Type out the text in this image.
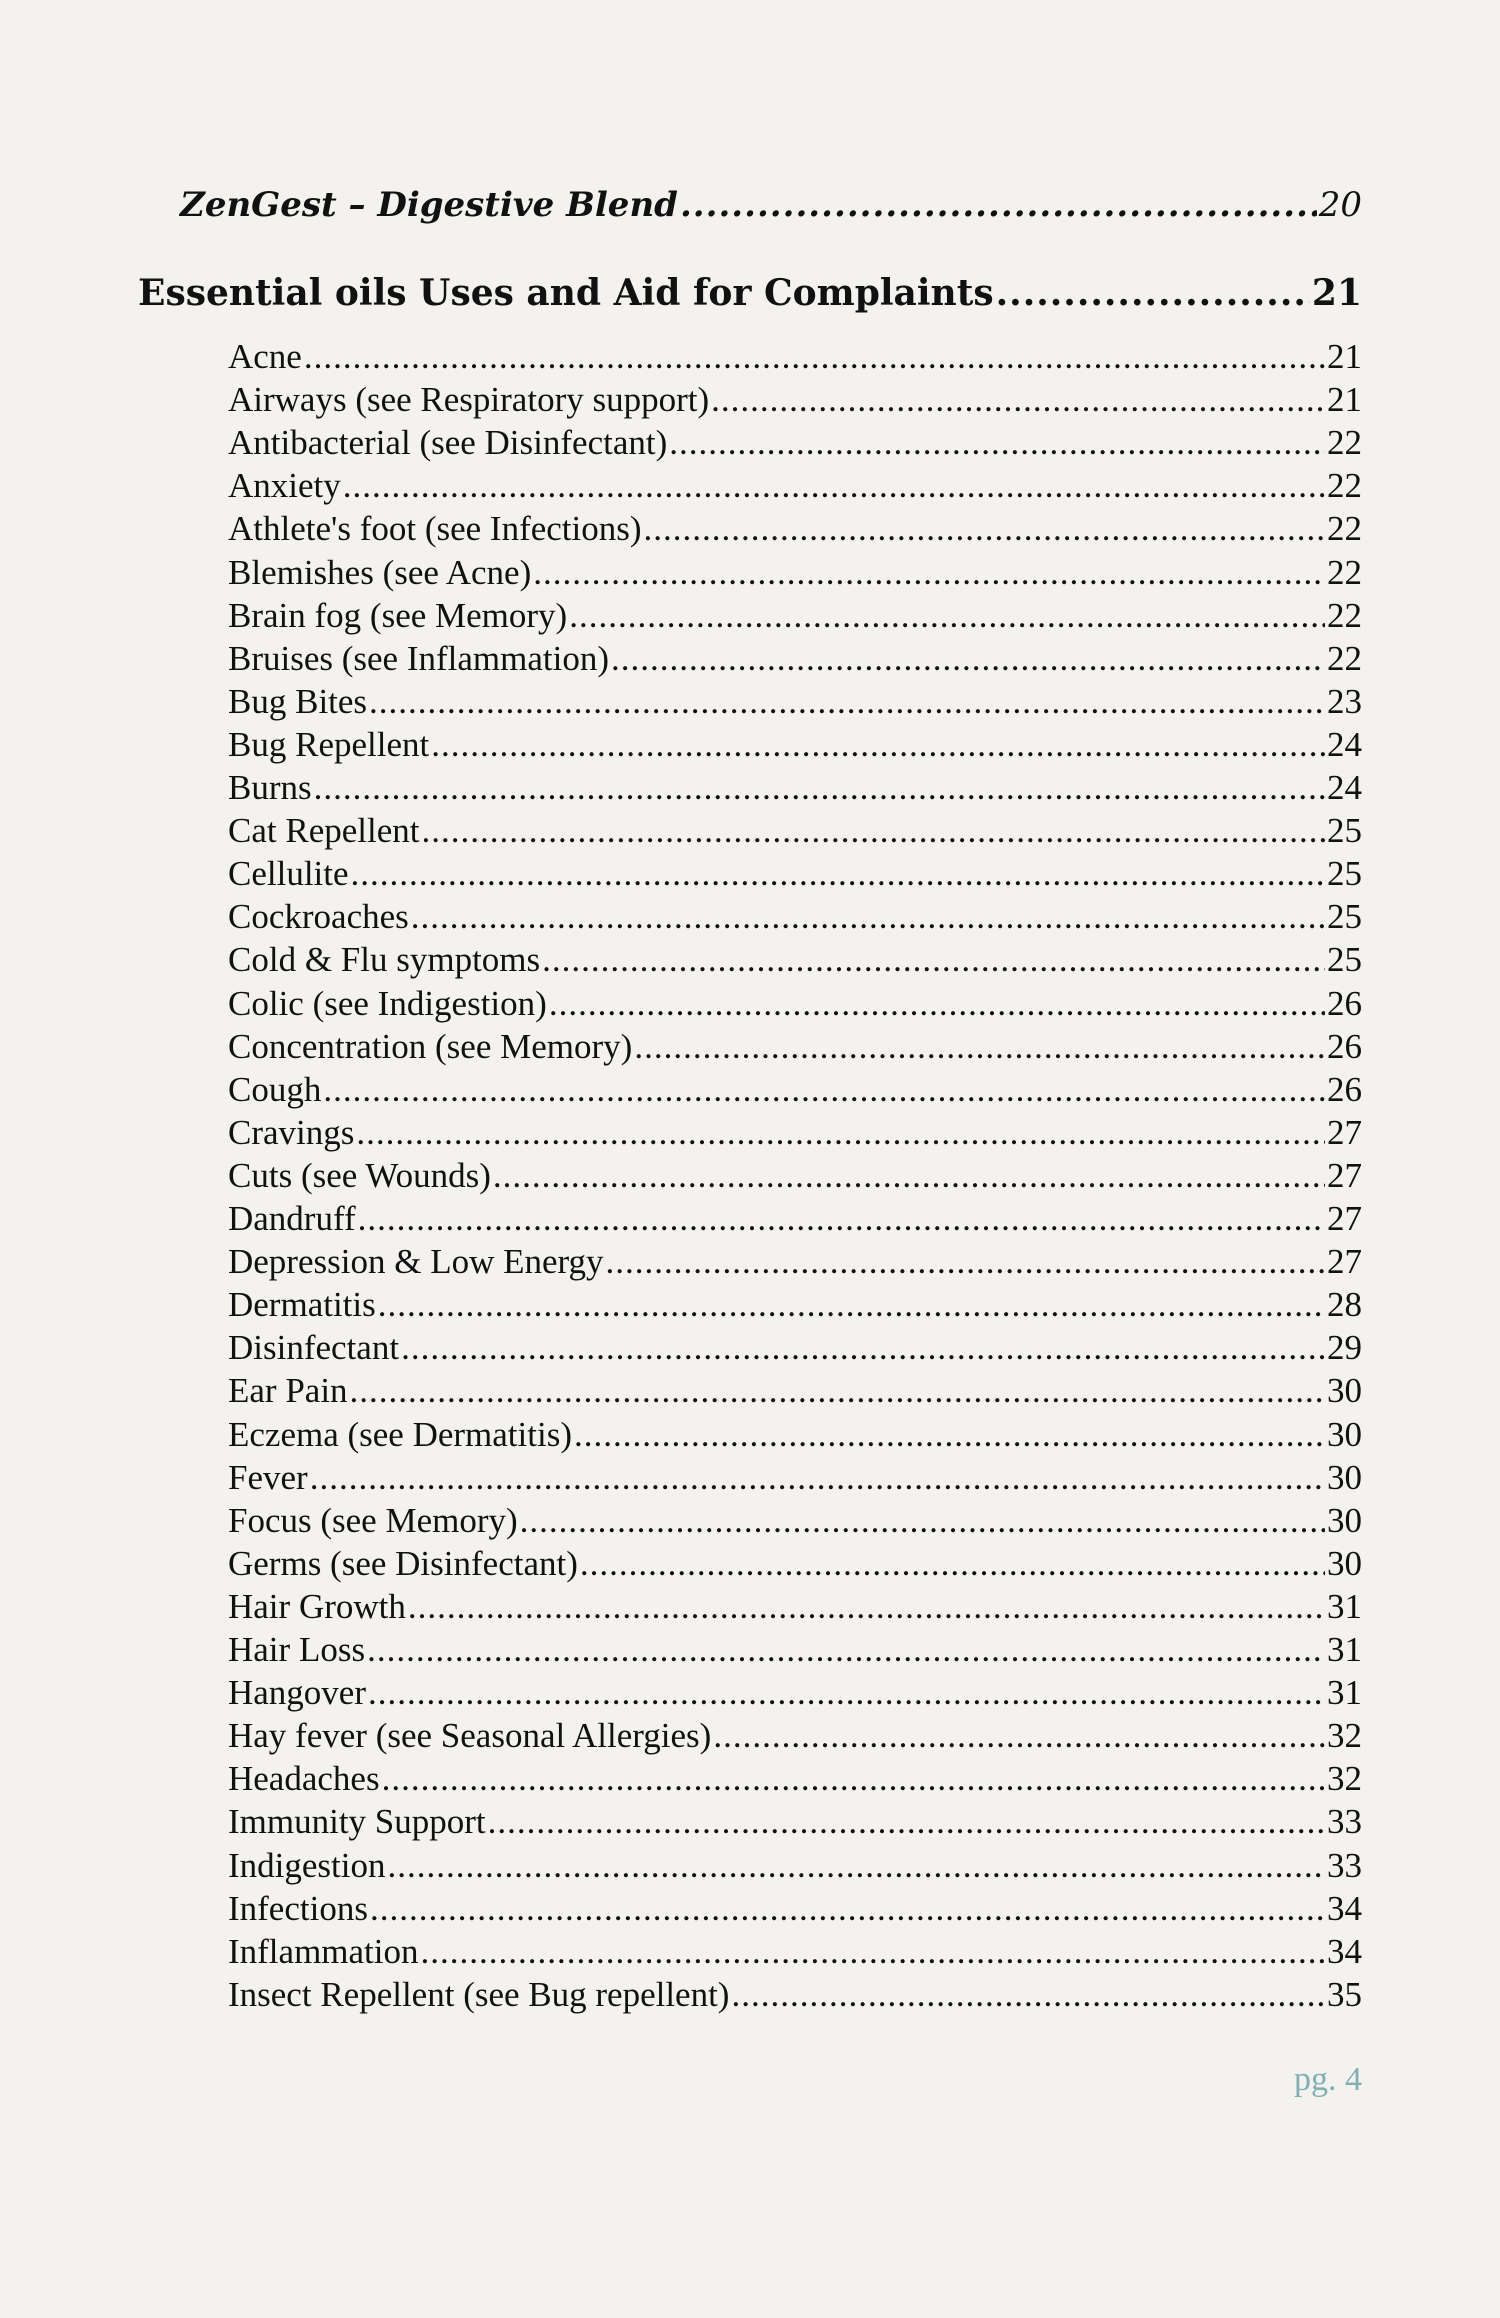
ZenGest – Digestive Blend .....	20
Essential oils Uses and Aid for Complaints .....	21
Acne .....	21
Airways (see Respiratory support) .....	21
Antibacterial (see Disinfectant) .....	22
Anxiety .....	22
Athlete's foot (see Infections) .....	22
Blemishes (see Acne) .....	22
Brain fog (see Memory) .....	22
Bruises (see Inflammation) .....	22
Bug Bites .....	23
Bug Repellent .....	24
Burns .....	24
Cat Repellent .....	25
Cellulite .....	25
Cockroaches .....	25
Cold & Flu symptoms .....	25
Colic (see Indigestion) .....	26
Concentration (see Memory) .....	26
Cough .....	26
Cravings .....	27
Cuts (see Wounds) .....	27
Dandruff .....	27
Depression & Low Energy .....	27
Dermatitis .....	28
Disinfectant .....	29
Ear Pain .....	30
Eczema (see Dermatitis) .....	30
Fever .....	30
Focus (see Memory) .....	30
Germs (see Disinfectant) .....	30
Hair Growth .....	31
Hair Loss .....	31
Hangover .....	31
Hay fever (see Seasonal Allergies) .....	32
Headaches .....	32
Immunity Support .....	33
Indigestion .....	33
Infections .....	34
Inflammation .....	34
Insect Repellent (see Bug repellent) .....	35
pg. 4
